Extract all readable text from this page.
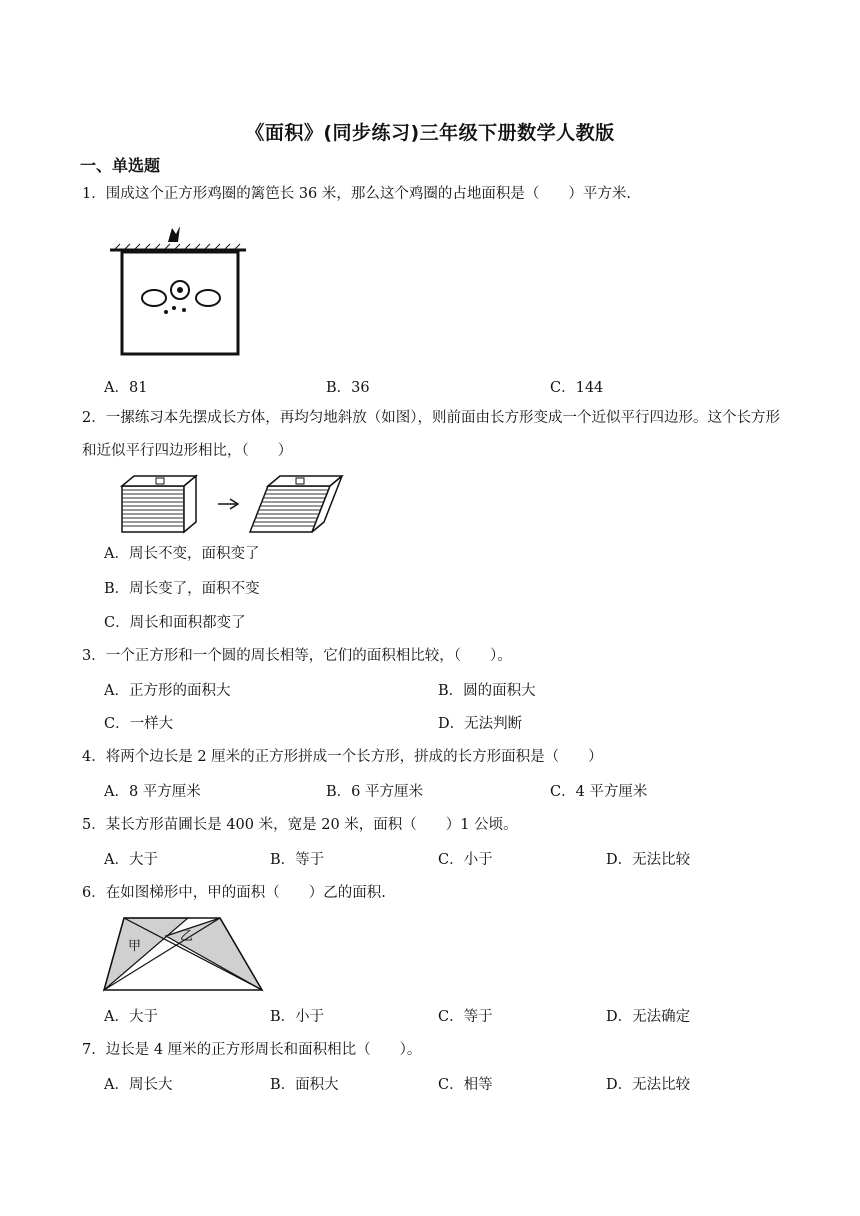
《面积》(同步练习)三年级下册数学人教版
一、单选题
1．围成这个正方形鸡圈的篱笆长 36 米，那么这个鸡圈的占地面积是（　　）平方米.
A．81	B．36	C．144
2．一摞练习本先摆成长方体，再均匀地斜放（如图），则前面由长方形变成一个近似平行四边形。这个长方形和近似平行四边形相比，（　　）
A．周长不变，面积变了
B．周长变了，面积不变
C．周长和面积都变了
3．一个正方形和一个圆的周长相等，它们的面积相比较，（　　）。
A．正方形的面积大	B．圆的面积大
C．一样大	D．无法判断
4．将两个边长是 2 厘米的正方形拼成一个长方形，拼成的长方形面积是（　　）
A．8 平方厘米	B．6 平方厘米	C．4 平方厘米
5．某长方形苗圃长是 400 米，宽是 20 米，面积（　　）1 公顷。
A．大于	B．等于	C．小于	D．无法比较
6．在如图梯形中，甲的面积（　　）乙的面积.
甲
乙
A．大于	B．小于	C．等于	D．无法确定
7．边长是 4 厘米的正方形周长和面积相比（　　）。
A．周长大	B．面积大	C．相等	D．无法比较
